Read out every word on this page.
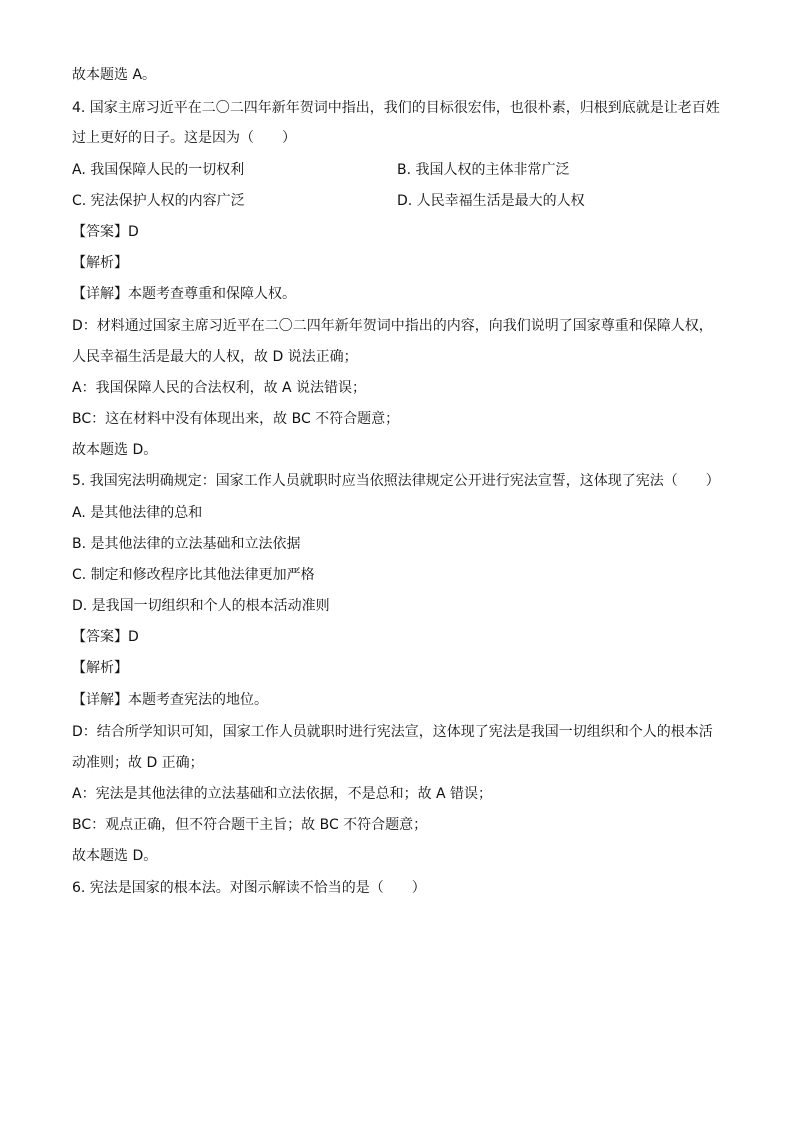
故本题选 A。
4. 国家主席习近平在二〇二四年新年贺词中指出，我们的目标很宏伟，也很朴素，归根到底就是让老百姓
过上更好的日子。这是因为（　　）
A. 我国保障人民的一切权利	B. 我国人权的主体非常广泛
C. 宪法保护人权的内容广泛	D. 人民幸福生活是最大的人权
【答案】D
【解析】
【详解】本题考查尊重和保障人权。
D：材料通过国家主席习近平在二〇二四年新年贺词中指出的内容，向我们说明了国家尊重和保障人权，
人民幸福生活是最大的人权，故 D 说法正确；
A：我国保障人民的合法权利，故 A 说法错误；
BC：这在材料中没有体现出来，故 BC 不符合题意；
故本题选 D。
5. 我国宪法明确规定：国家工作人员就职时应当依照法律规定公开进行宪法宣誓，这体现了宪法（　　）
A. 是其他法律的总和
B. 是其他法律的立法基础和立法依据
C. 制定和修改程序比其他法律更加严格
D. 是我国一切组织和个人的根本活动准则
【答案】D
【解析】
【详解】本题考查宪法的地位。
D：结合所学知识可知，国家工作人员就职时进行宪法宣，这体现了宪法是我国一切组织和个人的根本活
动准则；故 D 正确；
A：宪法是其他法律的立法基础和立法依据，不是总和；故 A 错误；
BC：观点正确，但不符合题干主旨；故 BC 不符合题意；
故本题选 D。
6. 宪法是国家的根本法。对图示解读不恰当的是（　　）
